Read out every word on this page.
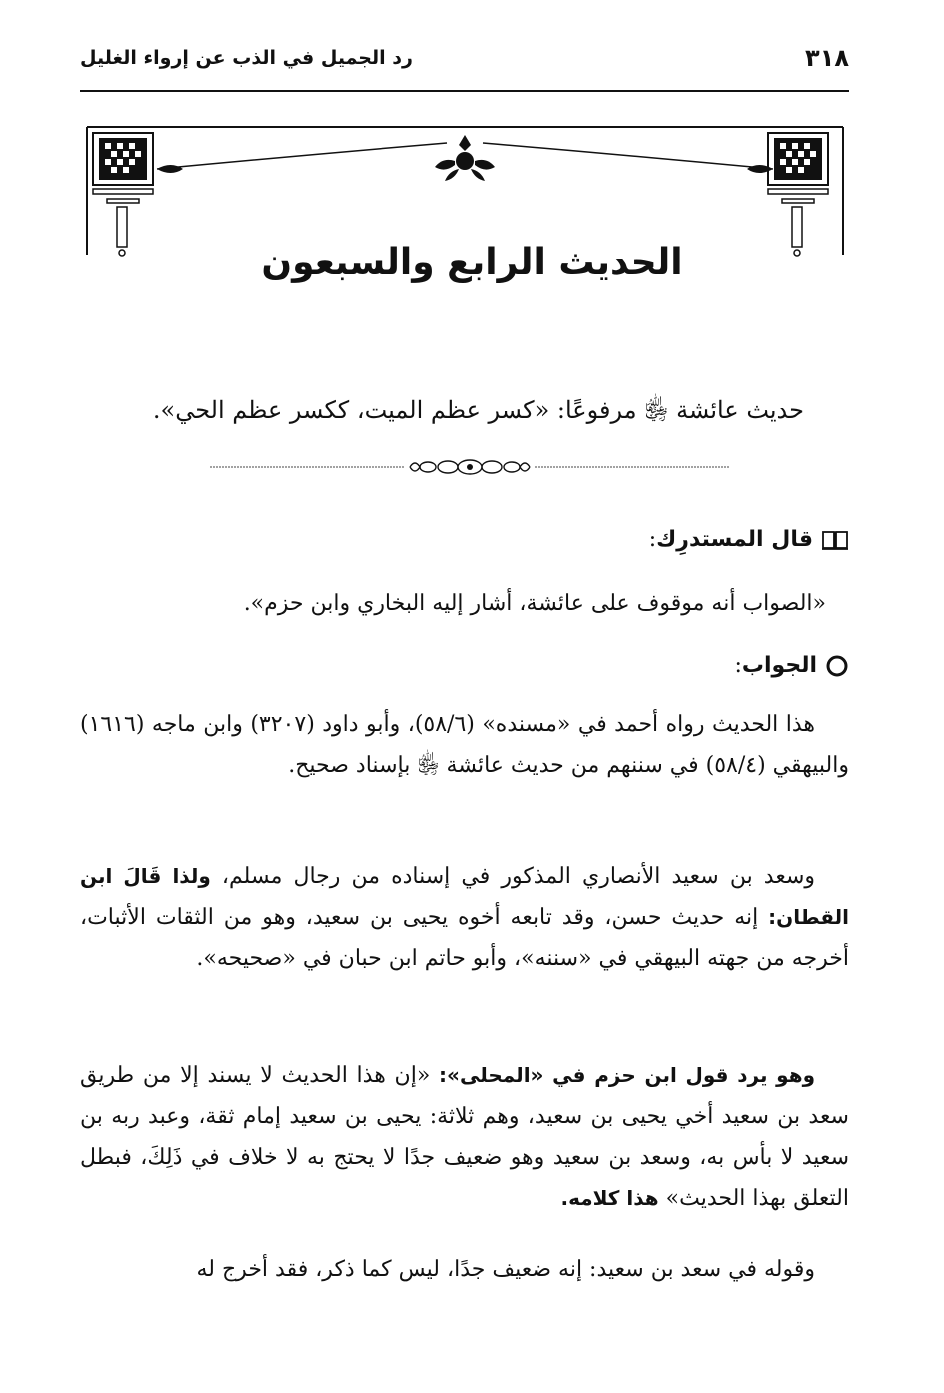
٣١٨
رد الجميل في الذب عن إرواء الغليل
الحديث الرابع والسبعون
حديث عائشة ﵂ مرفوعًا: «كسر عظم الميت، ككسر عظم الحي».
قال المستدرِك:
«الصواب أنه موقوف على عائشة، أشار إليه البخاري وابن حزم».
الجواب:
هذا الحديث رواه أحمد في «مسنده» (٥٨/٦)، وأبو داود (٣٢٠٧) وابن ماجه (١٦١٦) والبيهقي (٥٨/٤) في سننهم من حديث عائشة ﵂ بإسناد صحيح.
وسعد بن سعيد الأنصاري المذكور في إسناده من رجال مسلم، ولذا قَالَ ابن القطان: إنه حديث حسن، وقد تابعه أخوه يحيى بن سعيد، وهو من الثقات الأثبات، أخرجه من جهته البيهقي في «سننه»، وأبو حاتم ابن حبان في «صحيحه».
وهو يرد قول ابن حزم في «المحلى»: «إن هذا الحديث لا يسند إلا من طريق سعد بن سعيد أخي يحيى بن سعيد، وهم ثلاثة: يحيى بن سعيد إمام ثقة، وعبد ربه بن سعيد لا بأس به، وسعد بن سعيد وهو ضعيف جدًا لا يحتج به لا خلاف في ذَلِكَ، فبطل التعلق بهذا الحديث» هذا كلامه.
وقوله في سعد بن سعيد: إنه ضعيف جدًا، ليس كما ذكر، فقد أخرج له
